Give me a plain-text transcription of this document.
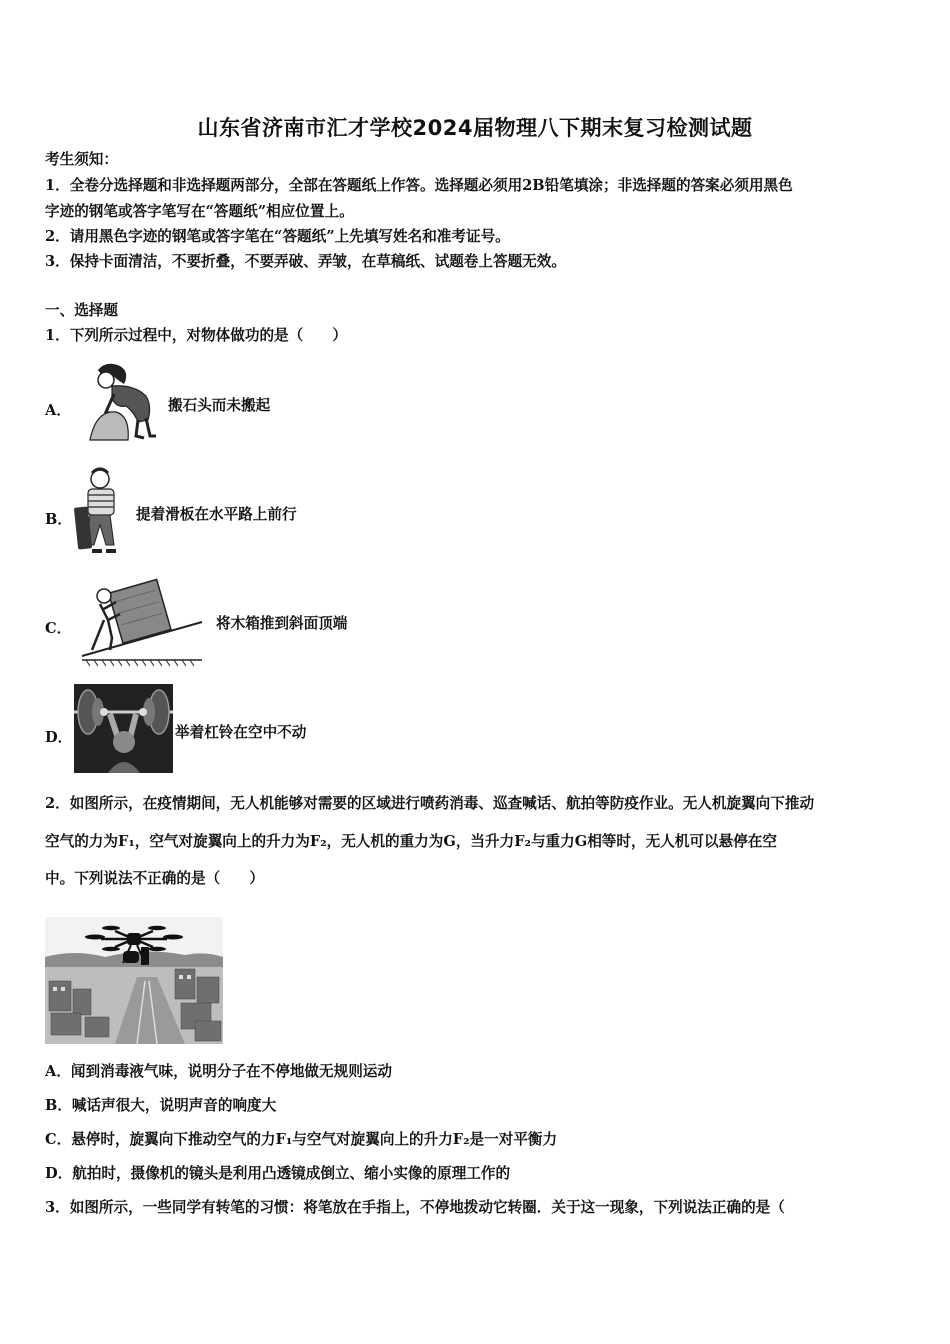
山东省济南市汇才学校2024届物理八下期末复习检测试题
考生须知：
1．全卷分选择题和非选择题两部分，全部在答题纸上作答。选择题必须用2B铅笔填涂；非选择题的答案必须用黑色
字迹的钢笔或答字笔写在“答题纸”相应位置上。
2．请用黑色字迹的钢笔或答字笔在“答题纸”上先填写姓名和准考证号。
3．保持卡面清洁，不要折叠，不要弄破、弄皱，在草稿纸、试题卷上答题无效。
一、选择题
1．下列所示过程中，对物体做功的是（　　）
A．	搬石头而未搬起
B．	提着滑板在水平路上前行
C．	将木箱推到斜面顶端
D．	举着杠铃在空中不动
2．如图所示，在疫情期间，无人机能够对需要的区域进行喷药消毒、巡查喊话、航拍等防疫作业。无人机旋翼向下推动
空气的力为F₁，空气对旋翼向上的升力为F₂，无人机的重力为G，当升力F₂与重力G相等时，无人机可以悬停在空
中。下列说法不正确的是（　　）
A．闻到消毒液气味，说明分子在不停地做无规则运动
B．喊话声很大，说明声音的响度大
C．悬停时，旋翼向下推动空气的力F₁与空气对旋翼向上的升力F₂是一对平衡力
D．航拍时，摄像机的镜头是利用凸透镜成倒立、缩小实像的原理工作的
3．如图所示，一些同学有转笔的习惯：将笔放在手指上，不停地拨动它转圈．关于这一现象，下列说法正确的是（
